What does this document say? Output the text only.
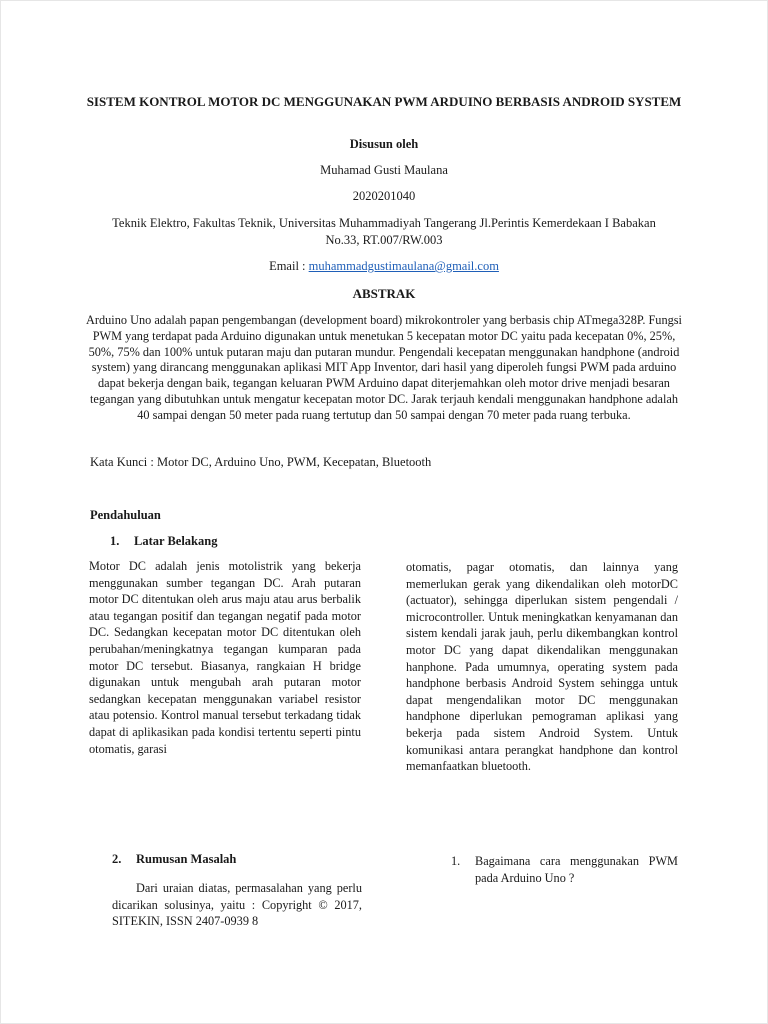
SISTEM KONTROL MOTOR DC MENGGUNAKAN PWM ARDUINO BERBASIS ANDROID SYSTEM
Disusun oleh
Muhamad Gusti Maulana
2020201040
Teknik Elektro, Fakultas Teknik, Universitas Muhammadiyah Tangerang Jl.Perintis Kemerdekaan I Babakan No.33, RT.007/RW.003
Email : muhammadgustimaulana@gmail.com
ABSTRAK
Arduino Uno adalah papan pengembangan (development board) mikrokontroler yang berbasis chip ATmega328P. Fungsi PWM yang terdapat pada Arduino digunakan untuk menetukan 5 kecepatan motor DC yaitu pada kecepatan 0%, 25%, 50%, 75% dan 100% untuk putaran maju dan putaran mundur. Pengendali kecepatan menggunakan handphone (android system) yang dirancang menggunakan aplikasi MIT App Inventor, dari hasil yang diperoleh fungsi PWM pada arduino dapat bekerja dengan baik, tegangan keluaran PWM Arduino dapat diterjemahkan oleh motor drive menjadi besaran tegangan yang dibutuhkan untuk mengatur kecepatan motor DC. Jarak terjauh kendali menggunakan handphone adalah 40 sampai dengan 50 meter pada ruang tertutup dan 50 sampai dengan 70 meter pada ruang terbuka.
Kata Kunci : Motor DC, Arduino Uno, PWM, Kecepatan, Bluetooth
Pendahuluan
1. Latar Belakang
Motor DC adalah jenis motolistrik yang bekerja menggunakan sumber tegangan DC. Arah putaran motor DC ditentukan oleh arus maju atau arus berbalik atau tegangan positif dan tegangan negatif pada motor DC. Sedangkan kecepatan motor DC ditentukan oleh perubahan/meningkatnya tegangan kumparan pada motor DC tersebut. Biasanya, rangkaian H bridge digunakan untuk mengubah arah putaran motor sedangkan kecepatan menggunakan variabel resistor atau potensio. Kontrol manual tersebut terkadang tidak dapat di aplikasikan pada kondisi tertentu seperti pintu otomatis, garasi
otomatis, pagar otomatis, dan lainnya yang memerlukan gerak yang dikendalikan oleh motorDC (actuator), sehingga diperlukan sistem pengendali / microcontroller. Untuk meningkatkan kenyamanan dan sistem kendali jarak jauh, perlu dikembangkan kontrol motor DC yang dapat dikendalikan menggunakan hanphone. Pada umumnya, operating system pada handphone berbasis Android System sehingga untuk dapat mengendalikan motor DC menggunakan handphone diperlukan pemograman aplikasi yang bekerja pada sistem Android System. Untuk komunikasi antara perangkat handphone dan kontrol memanfaatkan bluetooth.
2. Rumusan Masalah
Dari uraian diatas, permasalahan yang perlu dicarikan solusinya, yaitu : Copyright © 2017, SITEKIN, ISSN 2407-0939 8
1. Bagaimana cara menggunakan PWM pada Arduino Uno ?
